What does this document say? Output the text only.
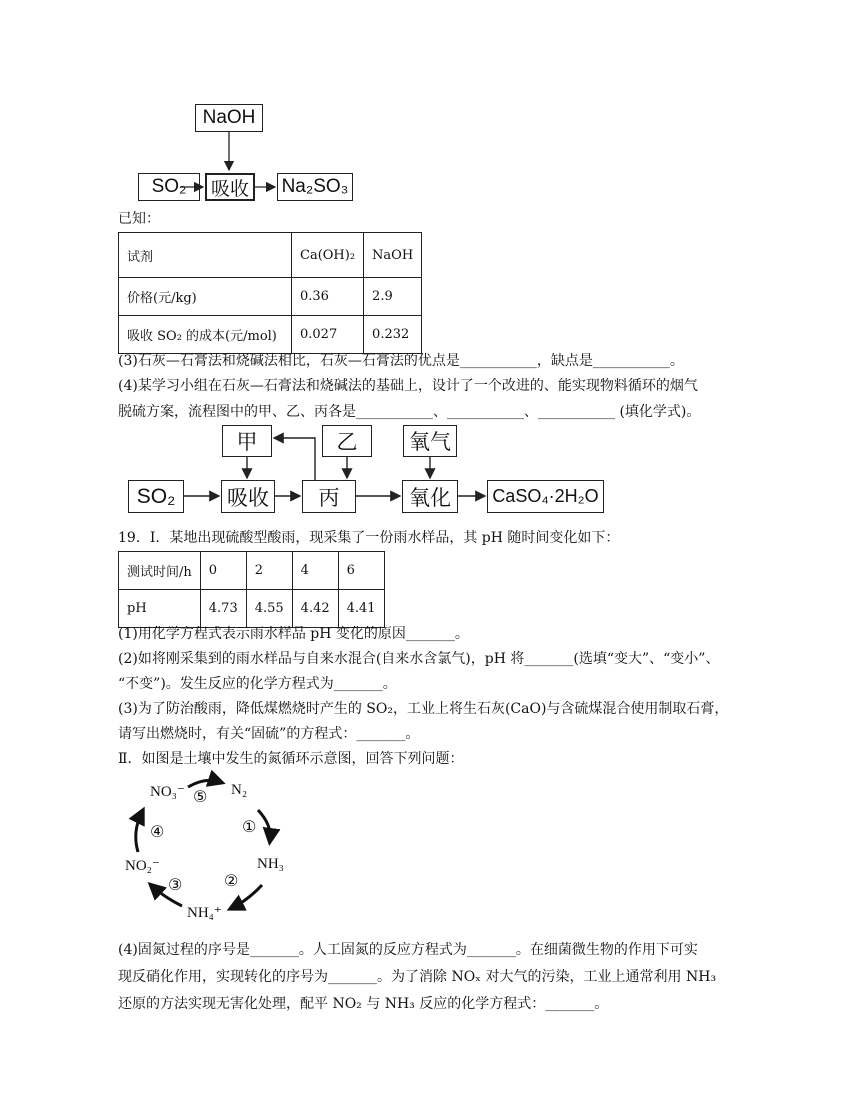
NaOH
SO₂	吸收	Na₂SO₃
已知：
试剂	Ca(OH)₂	NaOH
价格(元/kg)	0.36	2.9
吸收 SO₂ 的成本(元/mol)	0.027	0.232
(3)石灰—石膏法和烧碱法相比，石灰—石膏法的优点是___________，缺点是___________。
(4)某学习小组在石灰—石膏法和烧碱法的基础上，设计了一个改进的、能实现物料循环的烟气
脱硫方案，流程图中的甲、乙、丙各是___________、___________、___________ (填化学式)。
甲	乙	氧气
SO₂	吸收	丙	氧化	CaSO₄·2H₂O
19．Ⅰ．某地出现硫酸型酸雨，现采集了一份雨水样品，其 pH 随时间变化如下：
测试时间/h	0	2	4	6
pH	4.73	4.55	4.42	4.41
(1)用化学方程式表示雨水样品 pH 变化的原因_______。
(2)如将刚采集到的雨水样品与自来水混合(自来水含氯气)，pH 将_______(选填“变大”、“变小”、
“不变”)。发生反应的化学方程式为_______。
(3)为了防治酸雨，降低煤燃烧时产生的 SO₂，工业上将生石灰(CaO)与含硫煤混合使用制取石膏，
请写出燃烧时，有关“固硫”的方程式：_______。
Ⅱ．如图是土壤中发生的氮循环示意图，回答下列问题：
NO₃⁻	N₂
NH₃
NH₄⁺
NO₂⁻
⑤
①
②
③
④
(4)固氮过程的序号是_______。人工固氮的反应方程式为_______。在细菌微生物的作用下可实
现反硝化作用，实现转化的序号为_______。为了消除 NOₓ 对大气的污染，工业上通常利用 NH₃
还原的方法实现无害化处理，配平 NO₂ 与 NH₃ 反应的化学方程式：_______。
